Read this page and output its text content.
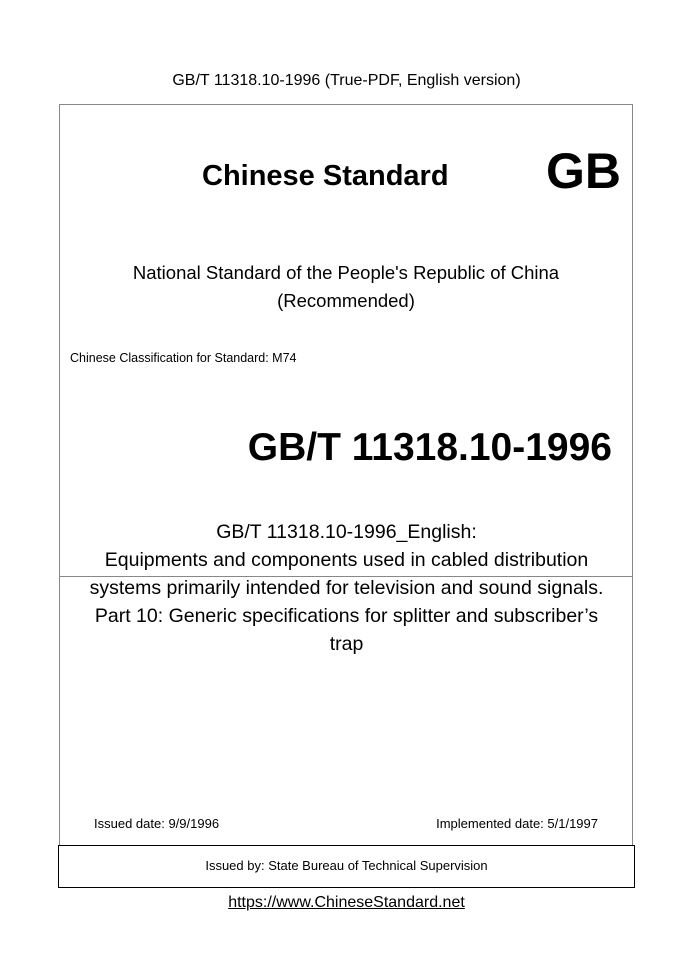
GB/T 11318.10-1996 (True-PDF, English version)
Chinese Standard GB
National Standard of the People's Republic of China
(Recommended)
Chinese Classification for Standard: M74
GB/T 11318.10-1996
GB/T 11318.10-1996_English:
Equipments and components used in cabled distribution
systems primarily intended for television and sound signals.
Part 10: Generic specifications for splitter and subscriber’s
trap
Issued date: 9/9/1996	Implemented date: 5/1/1997
Issued by: State Bureau of Technical Supervision
https://www.ChineseStandard.net
